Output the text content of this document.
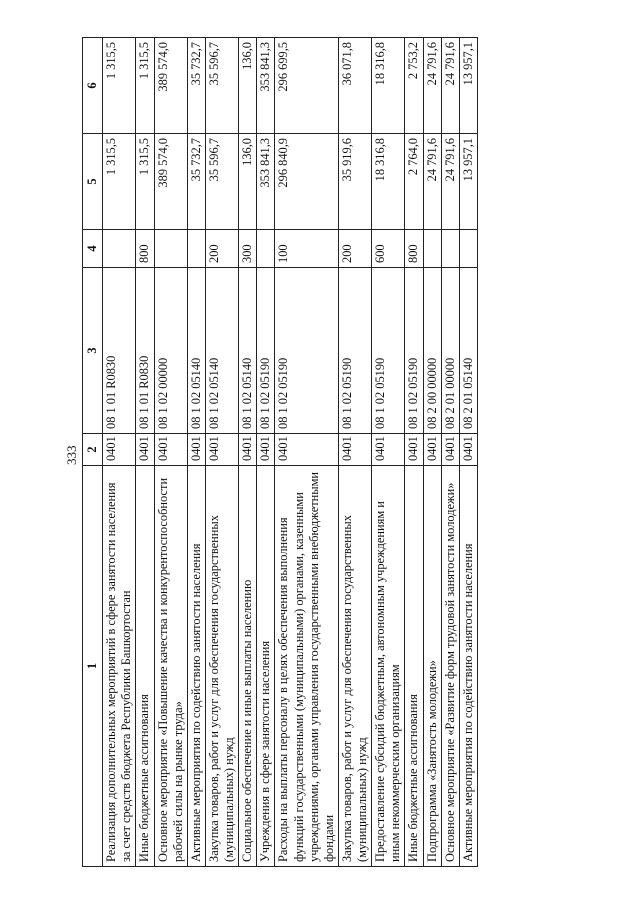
333
1	2	3	4	5	6
Реализация дополнительных мероприятий в сфере занятости населения за счет средств бюджета Республики Башкортостан	0401	08 1 01 R0830		1 315,5	1 315,5
Иные бюджетные ассигнования	0401	08 1 01 R0830	800	1 315,5	1 315,5
Основное мероприятие «Повышение качества и конкурентоспособности рабочей силы на рынке труда»	0401	08 1 02 00000		389 574,0	389 574,0
Активные мероприятия по содействию занятости населения	0401	08 1 02 05140		35 732,7	35 732,7
Закупка товаров, работ и услуг для обеспечения государственных (муниципальных) нужд	0401	08 1 02 05140	200	35 596,7	35 596,7
Социальное обеспечение и иные выплаты населению	0401	08 1 02 05140	300	136,0	136,0
Учреждения в сфере занятости населения	0401	08 1 02 05190		353 841,3	353 841,3
Расходы на выплаты персоналу в целях обеспечения выполнения функций государственными (муниципальными) органами, казенными учреждениями, органами управления государственными внебюджетными фондами	0401	08 1 02 05190	100	296 840,9	296 699,5
Закупка товаров, работ и услуг для обеспечения государственных (муниципальных) нужд	0401	08 1 02 05190	200	35 919,6	36 071,8
Предоставление субсидий бюджетным, автономным учреждениям и иным некоммерческим организациям	0401	08 1 02 05190	600	18 316,8	18 316,8
Иные бюджетные ассигнования	0401	08 1 02 05190	800	2 764,0	2 753,2
Подпрограмма «Занятость молодежи»	0401	08 2 00 00000		24 791,6	24 791,6
Основное мероприятие «Развитие форм трудовой занятости молодежи»	0401	08 2 01 00000		24 791,6	24 791,6
Активные мероприятия по содействию занятости населения	0401	08 2 01 05140		13 957,1	13 957,1
